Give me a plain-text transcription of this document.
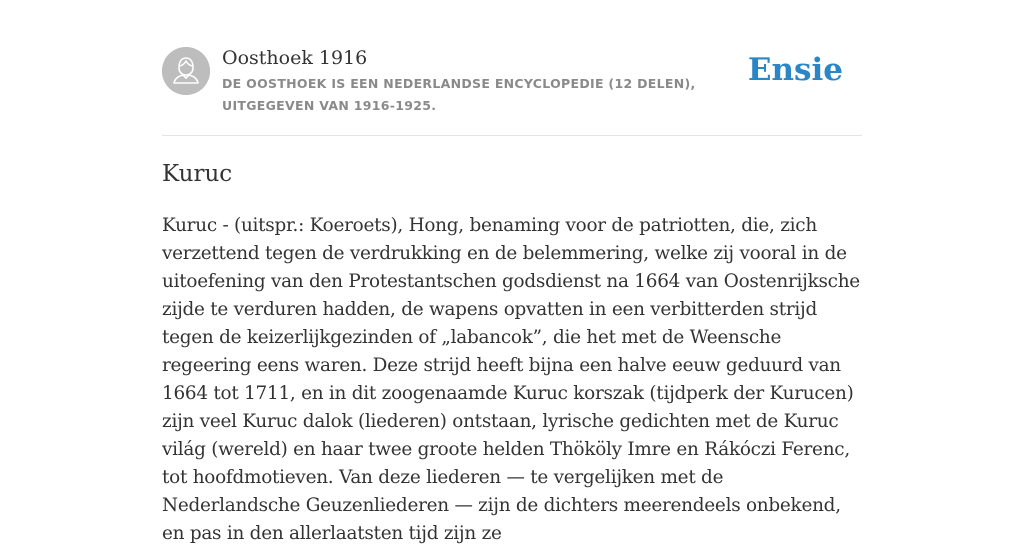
Oosthoek 1916
DE OOSTHOEK IS EEN NEDERLANDSE ENCYCLOPEDIE (12 DELEN), UITGEGEVEN VAN 1916-1925.
Ensie
Kuruc

Kuruc - (uitspr.: Koeroets), Hong, benaming voor de patriotten, die, zich verzettend tegen de verdrukking en de belemmering, welke zij vooral in de uitoefening van den Protestantschen godsdienst na 1664 van Oostenrijksche zijde te verduren hadden, de wapens opvatten in een verbitterden strijd tegen de keizerlijkgezinden of „labancok”, die het met de Weensche regeering eens waren. Deze strijd heeft bijna een halve eeuw geduurd van 1664 tot 1711, en in dit zoogenaamde Kuruc korszak (tijdperk der Kurucen) zijn veel Kuruc dalok (liederen) ontstaan, lyrische gedichten met de Kuruc világ (wereld) en haar twee groote helden Thököly Imre en Rákóczi Ferenc, tot hoofdmotieven. Van deze liederen — te vergelijken met de Nederlandsche Geuzenliederen — zijn de dichters meerendeels onbekend, en pas in den allerlaatsten tijd zijn ze
